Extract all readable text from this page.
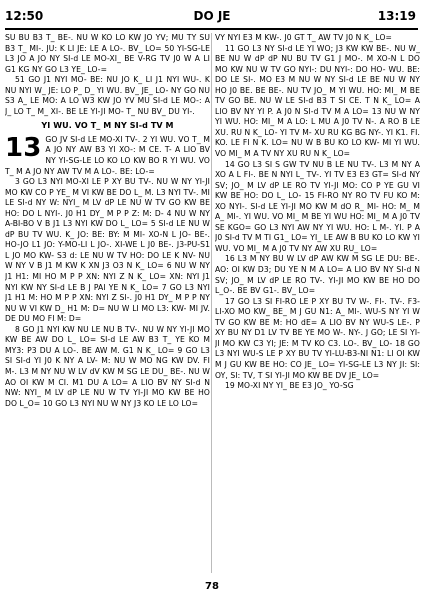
12:50	DO JE	13:19

SU BU B3 T_ BE-. NU W KO LO KW JO YV; MU TY SU B3 T_ MI-. JU: K LI JE: LE A LO-. BV_ LO= 50 YI-SG-LE L3 JO A JO NY SI-d LE MO-XI_ BE V-RG TV J0 W A LI G1 KG NY GO L3 YE_ LO-=

51 GO J1 NYI MO- BE: NU JO K_ LI J1 NYI WU-. K NU NYI W_ JE: LO P_ D_ YI WU. BV_ JE_ LO- NY GO NU S3 A_ LE MO: A LO W3 KW JO YV MU SI-d LE MO-: A J_ LO T_ M_ XI-. BE LE YI-JI MO- T_ NU BV_ DU YI-.

YI WU. VO T_ M NY SI-d TV M

13 GO JV SI-d LE MO-XI TV-. 2 YI WU. VO T_ M A JO NY AW B3 YI XO-: M CE. T- A LIO BV NY YI-SG-LE LO KO LO KW BO R YI WU. VO T_ M A JO NY AW TV M A LO-. BE: LO-=

3 GO L3 NYI MO-XI LE P XY BU TV-. NU W NY YI-JI MO KW CO P YE_ M VI KW BE DO L_ M. L3 NYI TV-. MI LE SI-d NY W: NYI_ M LV dP LE NU W TV GO KW BE HO: DO L NYI-. J0 H1 DY_ M P P Z: M: D- 4 NU W NY A-BI-BO V B J1 L3 NYI KW DO L_ LO= 5 SI-d LE NU W dP BU TV WU. K_ JO: BE: BY: M MI- XO-N L JO- BE-. HO-JO L1 JO: Y-MO-LI L JO-. XI-WE L J0 BE-. J3-PU-S1 L JO MO KW- S3 d: LE NU W TV HO: DO LE K NV- NU W NY V B J1 M KW K XN J3 O3 N K_ LO= 6 NU W NY J1 H1: MI HO M P P XN: NYI Z N K_ LO= XN: NYI J1 NYI KW NY SI-d LE B J PAI YE N K_ LO= 7 GO L3 NYI J1 H1 M: HO M P P XN: NYI Z SI-. J0 H1 DY_ M P P NY NU W VI KW D_ H1 M: D= NU W LI MO L3: KW- MI JV. DE DU MO FI M: D=

8 GO J1 NYI KW NU LE NU B TV-. NU W NY YI-JI MO KW BE AW DO L_ LO= SI-d LE AW B3 T_ YE KO M MY3: P3 DU A LO-. BE AW M. G1 N K_ LO= 9 GO L3 SI SI-d YI J0 K NY A LV- M: NU W MO NG KW DV. FI M-. L3 M NY NU W LV dV KW M SG LE DU_ BE-. NU W AO OI KW M CI. M1 DU A LO= A LIO BV NY SI-d N NW: NYI_ M LV dP LE NU W TV YI-JI MO KW BE HO DO L_O= 10 GO L3 NYI NU W NY J3 KO LE LO LO=

VY NYI E3 M KW-. J0 GT T_ AW TV J0 N K_ LO=

11 GO L3 NY SI-d LE YI WO; J3 KW KW BE-. NU W_ BE NU W dP dP NU BU TV G1 J MO-. M XO-N L DO MO KW NU W TV GO NYI-: DU NYI-: DO HO- WU. BE: DO LE SI-. MO E3 M NU W NY SI-d LE BE NU W NY HO J0 BE. BE BE-. NU TV JO_ M YI WU. HO: MI_ M BE TV GO BE. NU W LE SI-d B3 T SI CE. T N K_ LO= A LIO BV NY YI P. A J0 N SI-d TV M A LO= 13 NU W NY YI WU. HO: MI_ M A LO: L MU A J0 TV N-. A RO B LE XU. RU N K_ LO- YI TV M- XU RU KG BG NY-. YI K1. FI. KO. LE FI N K. LO= NU W B BU KO LO KW- MI YI WU. VO MI_ M A TV NY XU RU N K_ LO=

14 GO L3 SI S GW TV NU B LE NU TV-. L3 M NY A XO A L FI-. BE N NYI L_ TV-. YI TV E3 E3 GT= SI-d NY SV; JO_ M LV dP LE RO TV YI-JI MO: CO P YE GU VI KW BE HO: DO L_ LO- 15 FI-RO NY RO TV FU KO M: XO NYI-. SI-d LE YI-JI MO KW M dO R_ MI- HO: M_ M A_ MI-. YI WU. VO MI_ M BE YI WU HO: MI_ M A J0 TV SE KGO= GO L3 NYI AW NY YI WU. HO: L M-. YI. P A J0 SI-d TV M TI G1_ LO= YI_ LE AW B BU KO LO KW YI WU. VO MI_ M A J0 TV NY AW XU RU_ LO=

16 L3 M NY BU W LV dP AW KW M SG LE DU: BE-. AO: OI KW D3; DU YE N M A LO= A LIO BV NY SI-d N SV; JO_ M LV dP LE RO TV-. YI-JI MO KW BE HO DO L_O-. BE BV G1-. BV_ LO=

17 GO L3 SI FI-RO LE P XY BU TV W-. FI-. TV-. F3-LI-XO MO KW_ BE_ M J GU N1: A_ MI-. WU-S NY YI W TV GO KW BE M: HO dE= A LIO BV NY WU-S LE-. P XY BU NY D1 LV TV BE YE MO W-. NY-. J GO; LE SI YI-JI MO KW C3 YI; JE: M TV KO C3. LO-. BV_ LO- 18 GO L3 NYI WU-S LE P XY BU TV YI-LU-B3-NI N1: LI OI KW M J GU KW BE HO: CO JE_ LO= YI-SG-LE L3 NY JI: SI: OY, SI: TV, T SI YI-JI MO KW BE DV JE_ LO=

19 MO-XI NY YI_ BE E3 JO_ YO-SG

78
